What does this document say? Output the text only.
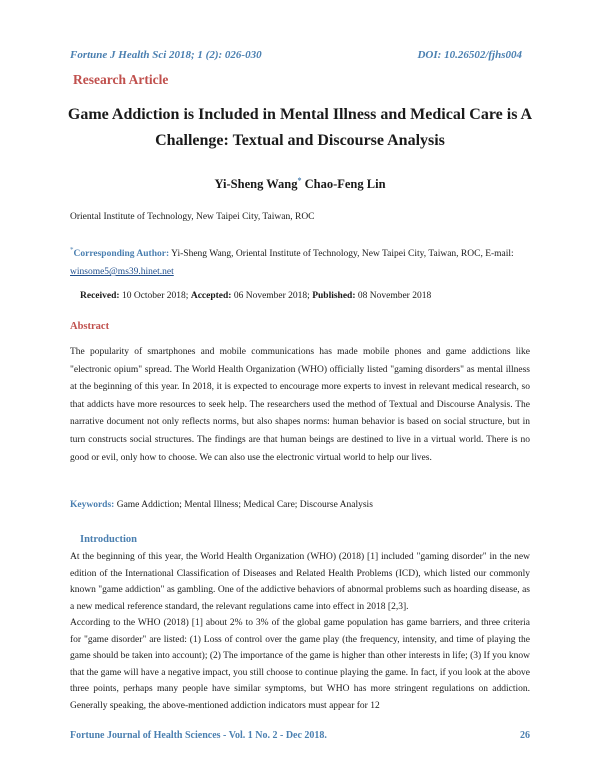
Fortune J Health Sci 2018; 1 (2): 026-030	DOI: 10.26502/fjhs004
Research Article
Game Addiction is Included in Mental Illness and Medical Care is A Challenge: Textual and Discourse Analysis
Yi-Sheng Wang* Chao-Feng Lin
Oriental Institute of Technology, New Taipei City, Taiwan, ROC
*Corresponding Author: Yi-Sheng Wang, Oriental Institute of Technology, New Taipei City, Taiwan, ROC, E-mail: winsome5@ms39.hinet.net
Received: 10 October 2018; Accepted: 06 November 2018; Published: 08 November 2018
Abstract
The popularity of smartphones and mobile communications has made mobile phones and game addictions like "electronic opium" spread. The World Health Organization (WHO) officially listed "gaming disorders" as mental illness at the beginning of this year. In 2018, it is expected to encourage more experts to invest in relevant medical research, so that addicts have more resources to seek help. The researchers used the method of Textual and Discourse Analysis. The narrative document not only reflects norms, but also shapes norms: human behavior is based on social structure, but in turn constructs social structures. The findings are that human beings are destined to live in a virtual world. There is no good or evil, only how to choose. We can also use the electronic virtual world to help our lives.
Keywords: Game Addiction; Mental Illness; Medical Care; Discourse Analysis
Introduction

At the beginning of this year, the World Health Organization (WHO) (2018) [1] included "gaming disorder" in the new edition of the International Classification of Diseases and Related Health Problems (ICD), which listed our commonly known "game addiction" as gambling. One of the addictive behaviors of abnormal problems such as hoarding disease, as a new medical reference standard, the relevant regulations came into effect in 2018 [2,3].

According to the WHO (2018) [1] about 2% to 3% of the global game population has game barriers, and three criteria for "game disorder" are listed: (1) Loss of control over the game play (the frequency, intensity, and time of playing the game should be taken into account); (2) The importance of the game is higher than other interests in life; (3) If you know that the game will have a negative impact, you still choose to continue playing the game. In fact, if you look at the above three points, perhaps many people have similar symptoms, but WHO has more stringent regulations on addiction. Generally speaking, the above-mentioned addiction indicators must appear for 12

Fortune Journal of Health Sciences - Vol. 1 No. 2 - Dec 2018.	26
